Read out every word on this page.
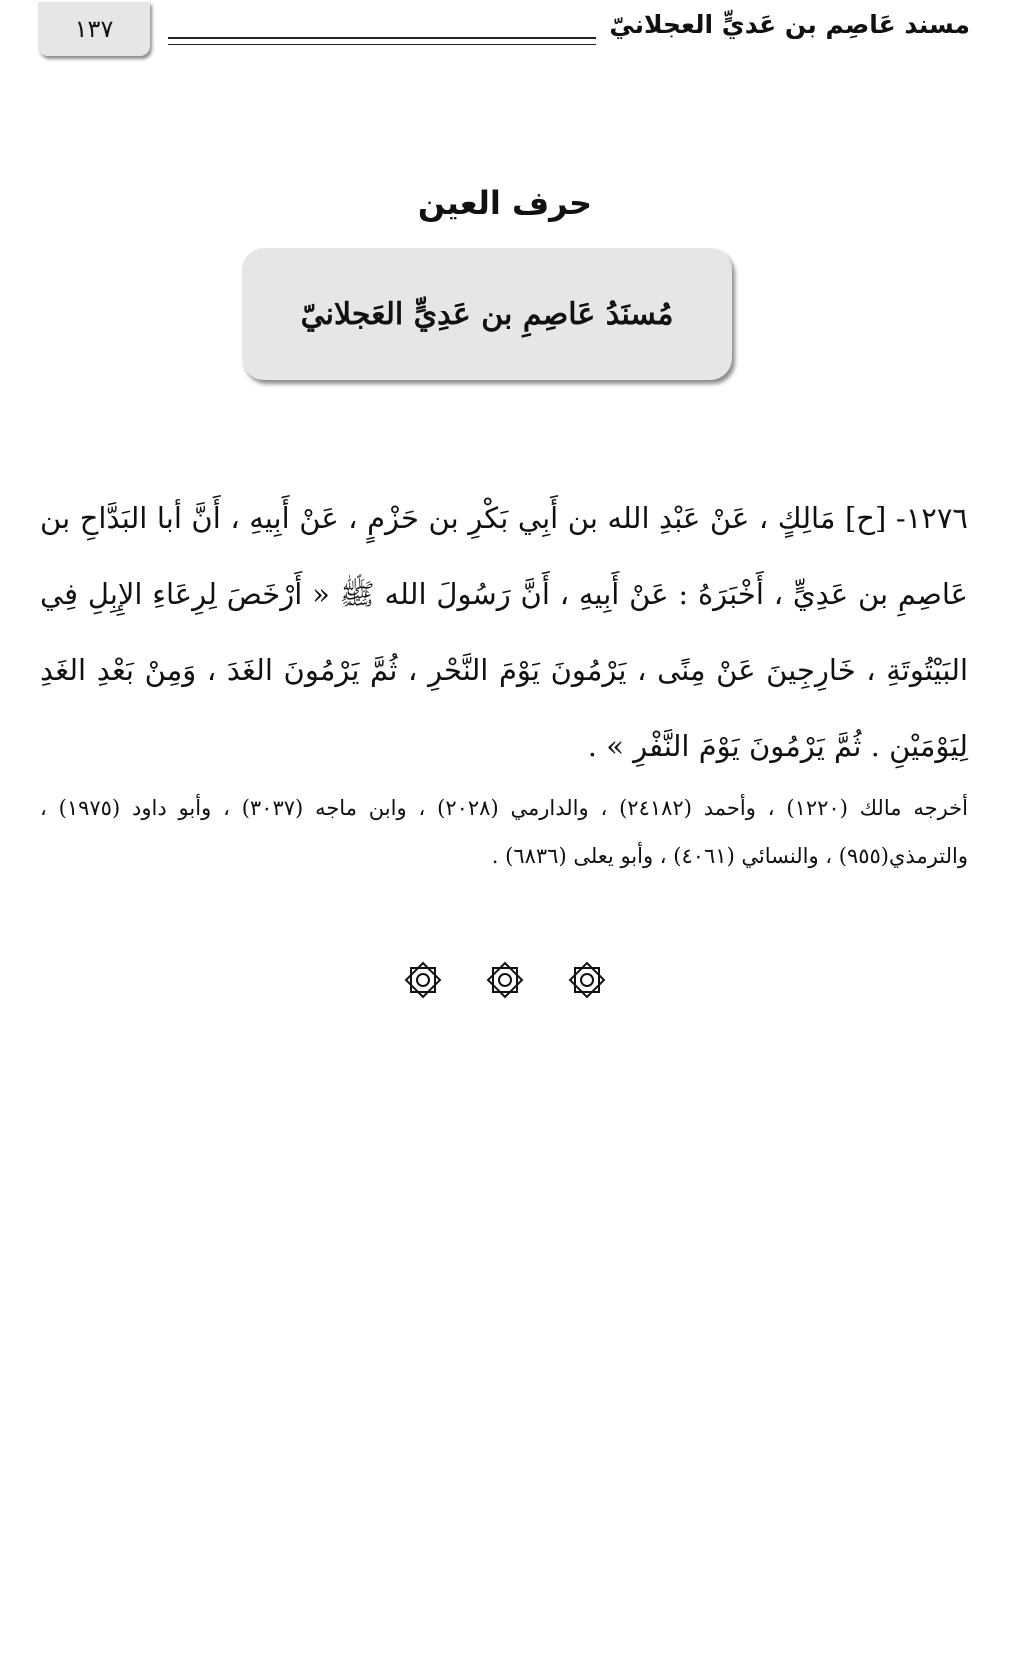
١٣٧	مسند عَاصِم بن عَديٍّ العجلانيّ
حرف العين
مُسنَدُ عَاصِمِ بن عَدِيٍّ العَجلانيّ
١٢٧٦- [ح] مَالِكٍ ، عَنْ عَبْدِ الله بن أَبِي بَكْرِ بن حَزْمٍ ، عَنْ أَبِيهِ ، أَنَّ أبا البَدَّاحِ بن عَاصِمِ بن عَدِيٍّ ، أَخْبَرَهُ : عَنْ أَبِيهِ ، أَنَّ رَسُولَ الله ﷺ « أَرْخَصَ لِرِعَاءِ الإِبِلِ فِي البَيْتُوتَةِ ، خَارِجِينَ عَنْ مِنًى ، يَرْمُونَ يَوْمَ النَّحْرِ ، ثُمَّ يَرْمُونَ الغَدَ ، وَمِنْ بَعْدِ الغَدِ لِيَوْمَيْنِ . ثُمَّ يَرْمُونَ يَوْمَ النَّفْرِ » .
أخرجه مالك (١٢٢٠) ، وأحمد (٢٤١٨٢) ، والدارمي (٢٠٢٨) ، وابن ماجه (٣٠٣٧) ، وأبو داود (١٩٧٥) ، والترمذي(٩٥٥) ، والنسائي (٤٠٦١) ، وأبو يعلى (٦٨٣٦) .
